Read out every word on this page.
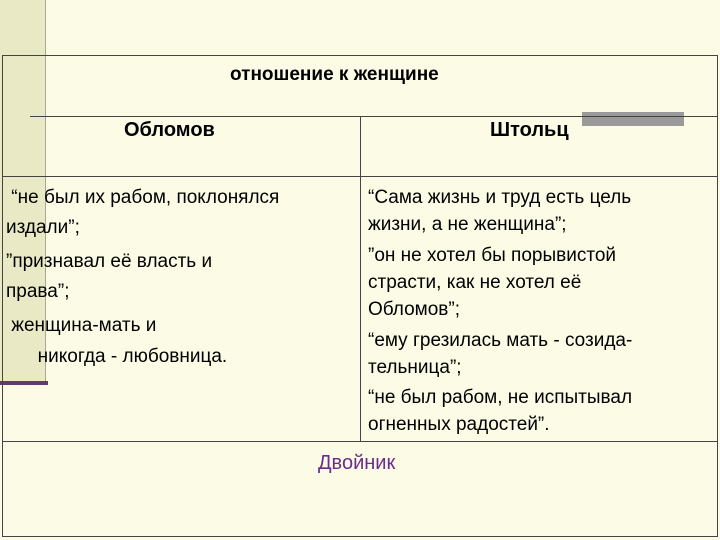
отношение к женщине
Обломов	Штольц

“не был их рабом, поклонялся

издали”;

”признавал её власть и

права”;

женщина-мать и

никогда - любовница.

“Сама жизнь и труд есть цель

жизни, а не женщина”;

”он не хотел бы порывистой

страсти, как не хотел её

Обломов”;

“ему грезилась мать - созида-

тельница”;

“не был рабом, не испытывал

огненных радостей”.

Двойник
